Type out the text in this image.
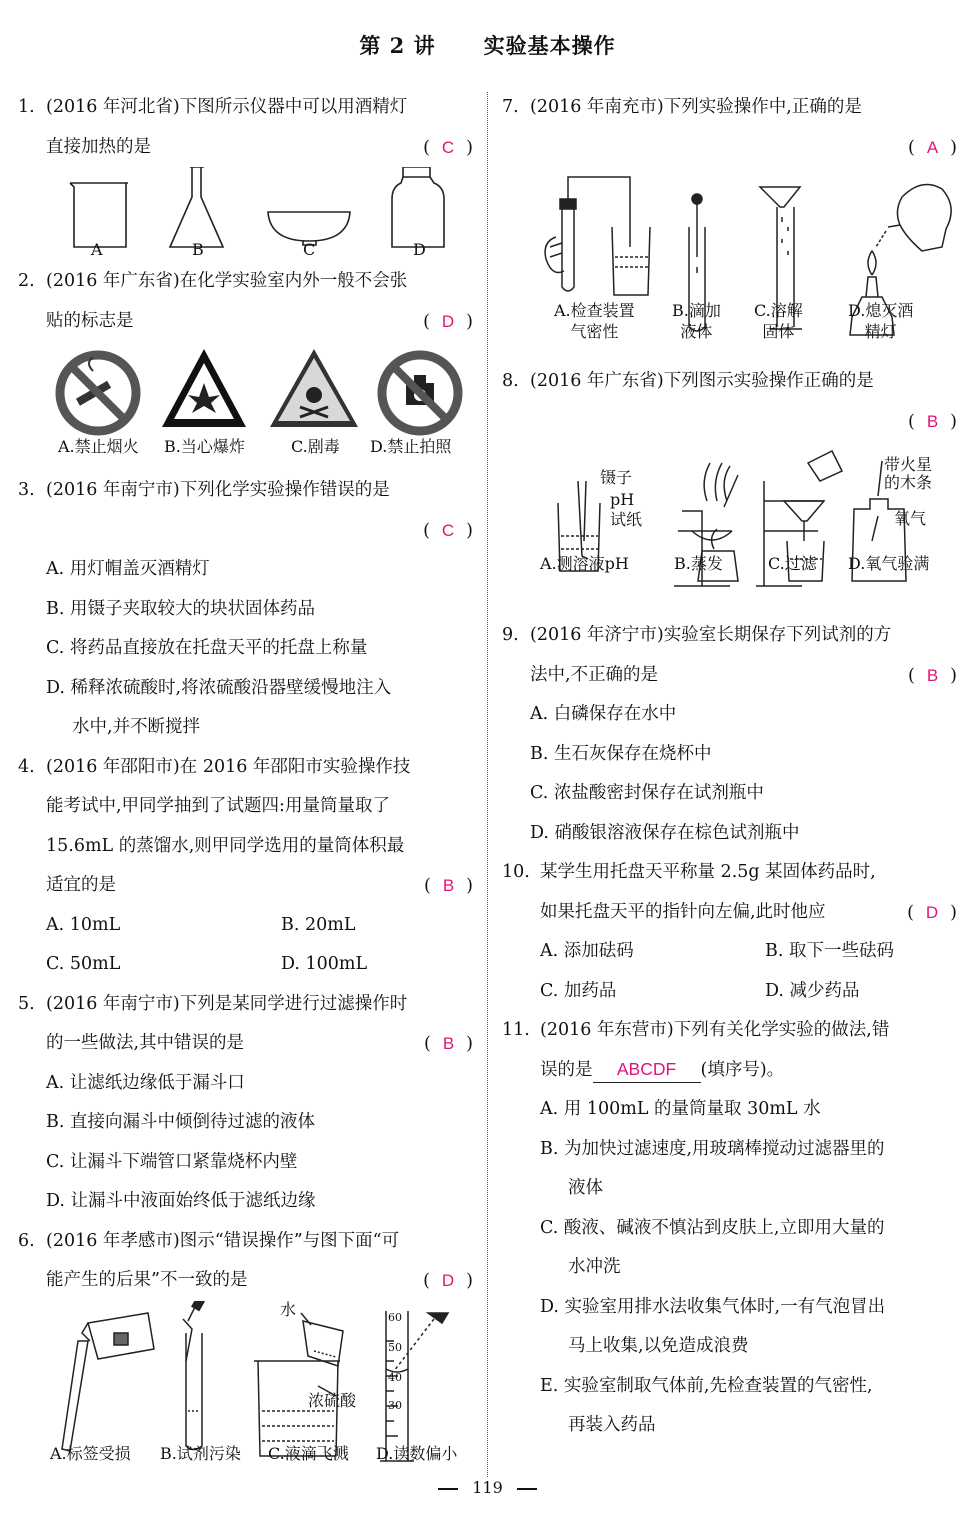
第 2 讲 实验基本操作
1. (2016 年河北省)下图所示仪器中可以用酒精灯
直接加热的是	( C )
A	B	C	D
2. (2016 年广东省)在化学实验室内外一般不会张
贴的标志是	( D )
A.禁止烟火 B.当心爆炸	C.剧毒 D.禁止拍照
3. (2016 年南宁市)下列化学实验操作错误的是
( C )
A. 用灯帽盖灭酒精灯
B. 用镊子夹取较大的块状固体药品
C. 将药品直接放在托盘天平的托盘上称量
D. 稀释浓硫酸时,将浓硫酸沿器壁缓慢地注入
水中,并不断搅拌
4. (2016 年邵阳市)在 2016 年邵阳市实验操作技
能考试中,甲同学抽到了试题四:用量筒量取了
15.6mL 的蒸馏水,则甲同学选用的量筒体积最
适宜的是	( B )
A. 10mL	B. 20mL
C. 50mL	D. 100mL
5. (2016 年南宁市)下列是某同学进行过滤操作时
的一些做法,其中错误的是	( B )
A. 让滤纸边缘低于漏斗口
B. 直接向漏斗中倾倒待过滤的液体
C. 让漏斗下端管口紧靠烧杯内壁
D. 让漏斗中液面始终低于滤纸边缘
6. (2016 年孝感市)图示“错误操作”与图下面“可
能产生的后果”不一致的是	( D )
水
浓硫酸
60
50
40
30
A.标签受损 B.试剂污染 C.液滴飞溅 D.读数偏小
7. (2016 年南充市)下列实验操作中,正确的是
( A )
A.检查装置
气密性
B.滴加
液体
C.溶解
固体
D.熄灭酒
精灯
8. (2016 年广东省)下列图示实验操作正确的是
( B )
镊子
pH
试纸
带火星
的木条
氧气
A.测溶液pH	B.蒸发	C.过滤 D.氧气验满
9. (2016 年济宁市)实验室长期保存下列试剂的方
法中,不正确的是	( B )
A. 白磷保存在水中
B. 生石灰保存在烧杯中
C. 浓盐酸密封保存在试剂瓶中
D. 硝酸银溶液保存在棕色试剂瓶中
10. 某学生用托盘天平称量 2.5g 某固体药品时,
如果托盘天平的指针向左偏,此时他应	( D )
A. 添加砝码	B. 取下一些砝码
C. 加药品	D. 减少药品
11. (2016 年东营市)下列有关化学实验的做法,错
误的是 ABCDF (填序号)。
A. 用 100mL 的量筒量取 30mL 水
B. 为加快过滤速度,用玻璃棒搅动过滤器里的
液体
C. 酸液、碱液不慎沾到皮肤上,立即用大量的
水冲洗
D. 实验室用排水法收集气体时,一有气泡冒出
马上收集,以免造成浪费
E. 实验室制取气体前,先检查装置的气密性,
再装入药品
119
